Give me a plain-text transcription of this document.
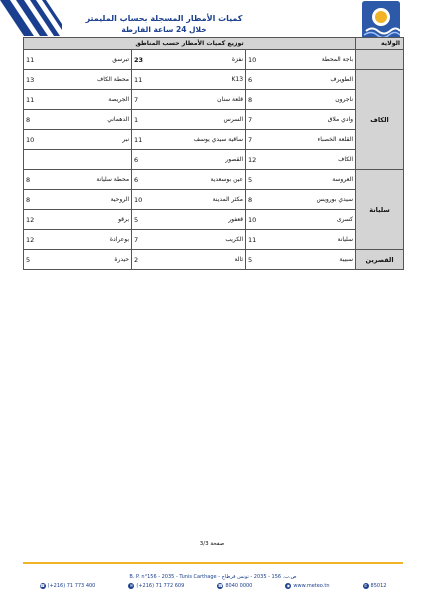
كميات الأمطار المسجلة بحساب المليمتر
خلال 24 ساعة الفارطة
الولاية	توزيع كميات الأمطار حسب المناطق					
	باجة المحطة	10	نفزة	23	تبرسق	11
الكاف	الطويرف	6	K13	11	محطة الكاف	13
	ناجرون	8	قلعة سنان	7	الجريصة	11
	وادي ملاق	7	السرس	1	الدهماني	8
	القلعة الخصباء	7	ساقية سيدي يوسف	11	نبر	10
	الكاف	12	القصور	6		
سليانة	العروسة	5	عين بوسعدية	6	محطة سليانة	8
	سيدي بورويس	8	مكثر المدينة	10	الروحية	8
	كسرى	10	قعفور	5	برقو	12
	سليانة	11	الكريب	7	بوعرادة	12
القصرين	سبيبة	5	ثالة	2	حيدرة	5
صفحة 3/3
B. P. n°156 - 2035 - Tunis Carthage - ص.ب. 156 - 2035 - تونس قرطاج
☎ (+216) 71 773 400	✉ (+216) 71 772 609	☎ 8040 0000	◉ www.meteo.tn	✆ 85012
